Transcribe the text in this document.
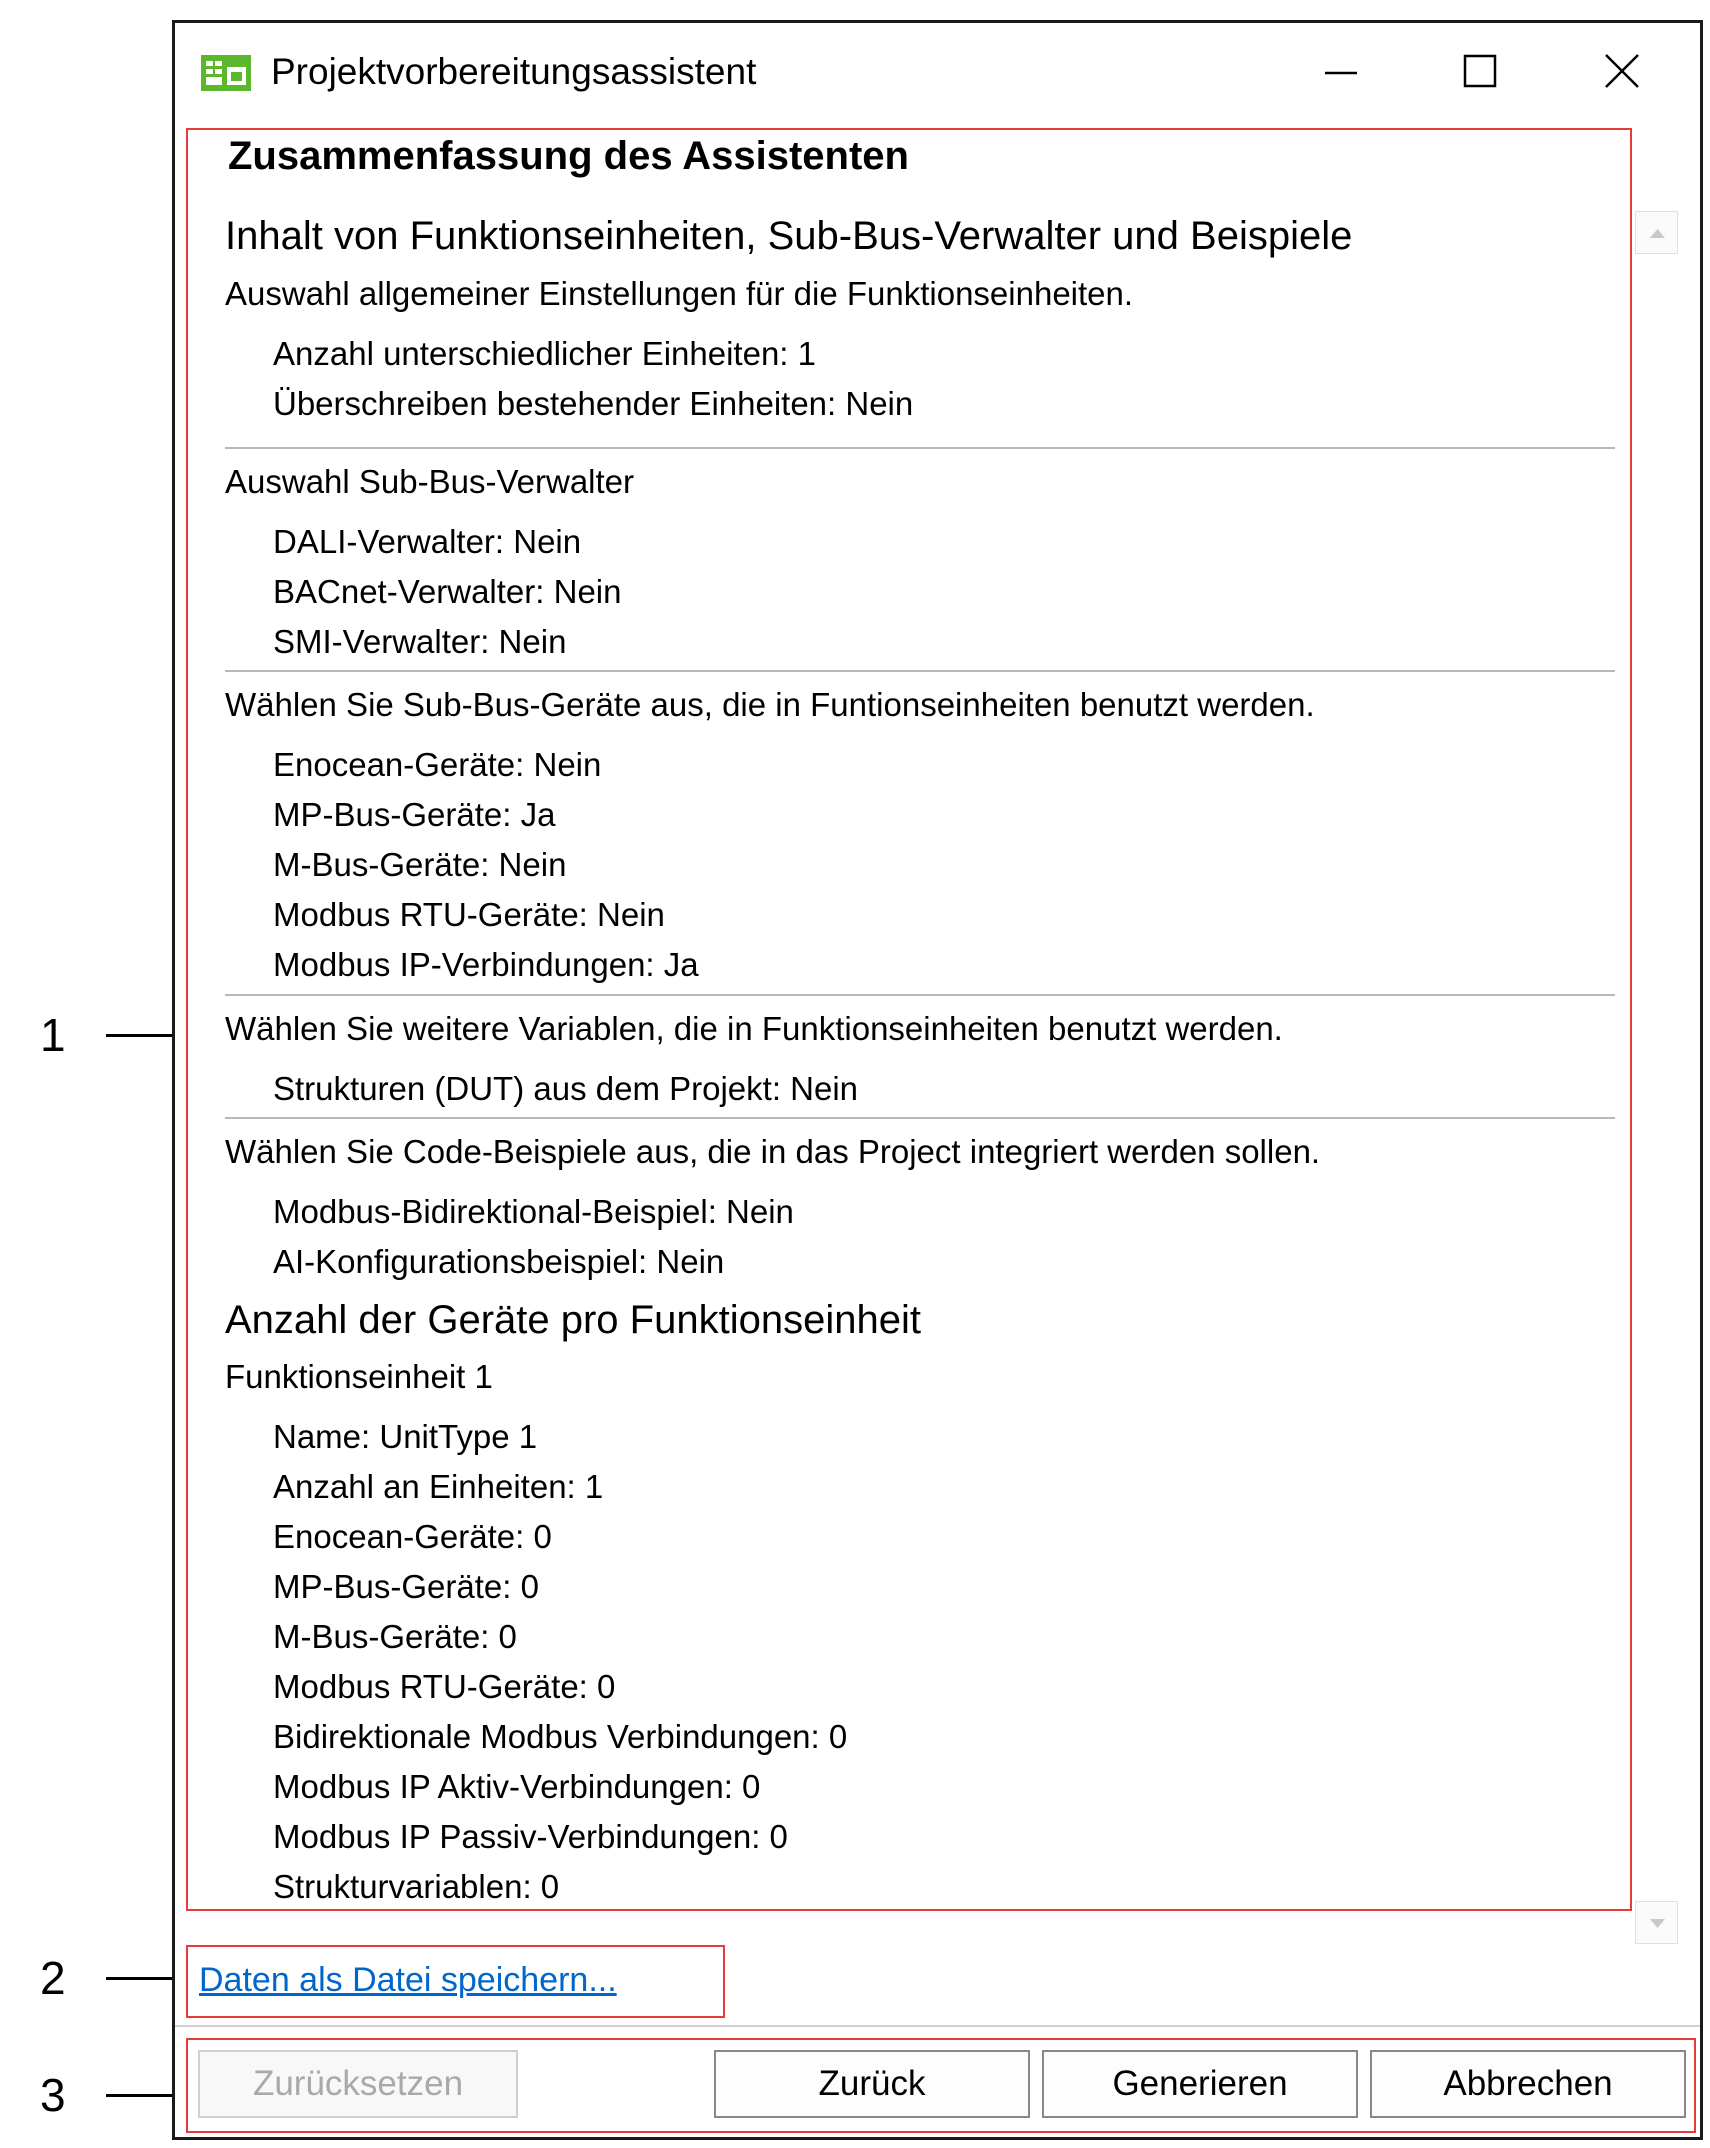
1
2
3
Projektvorbereitungsassistent
Zusammenfassung des Assistenten
Inhalt von Funktionseinheiten, Sub-Bus-Verwalter und Beispiele
Auswahl allgemeiner Einstellungen für die Funktionseinheiten.
Anzahl unterschiedlicher Einheiten: 1
Überschreiben bestehender Einheiten: Nein
Auswahl Sub-Bus-Verwalter
DALI-Verwalter: Nein
BACnet-Verwalter: Nein
SMI-Verwalter: Nein
Wählen Sie Sub-Bus-Geräte aus, die in Funtionseinheiten benutzt werden.
Enocean-Geräte: Nein
MP-Bus-Geräte: Ja
M-Bus-Geräte: Nein
Modbus RTU-Geräte: Nein
Modbus IP-Verbindungen: Ja
Wählen Sie weitere Variablen, die in Funktionseinheiten benutzt werden.
Strukturen (DUT) aus dem Projekt: Nein
Wählen Sie Code-Beispiele aus, die in das Project integriert werden sollen.
Modbus-Bidirektional-Beispiel: Nein
AI-Konfigurationsbeispiel: Nein
Anzahl der Geräte pro Funktionseinheit
Funktionseinheit 1
Name: UnitType 1
Anzahl an Einheiten: 1
Enocean-Geräte: 0
MP-Bus-Geräte: 0
M-Bus-Geräte: 0
Modbus RTU-Geräte: 0
Bidirektionale Modbus Verbindungen: 0
Modbus IP Aktiv-Verbindungen: 0
Modbus IP Passiv-Verbindungen: 0
Strukturvariablen: 0
Daten als Datei speichern...
Zurücksetzen	Zurück	Generieren	Abbrechen
